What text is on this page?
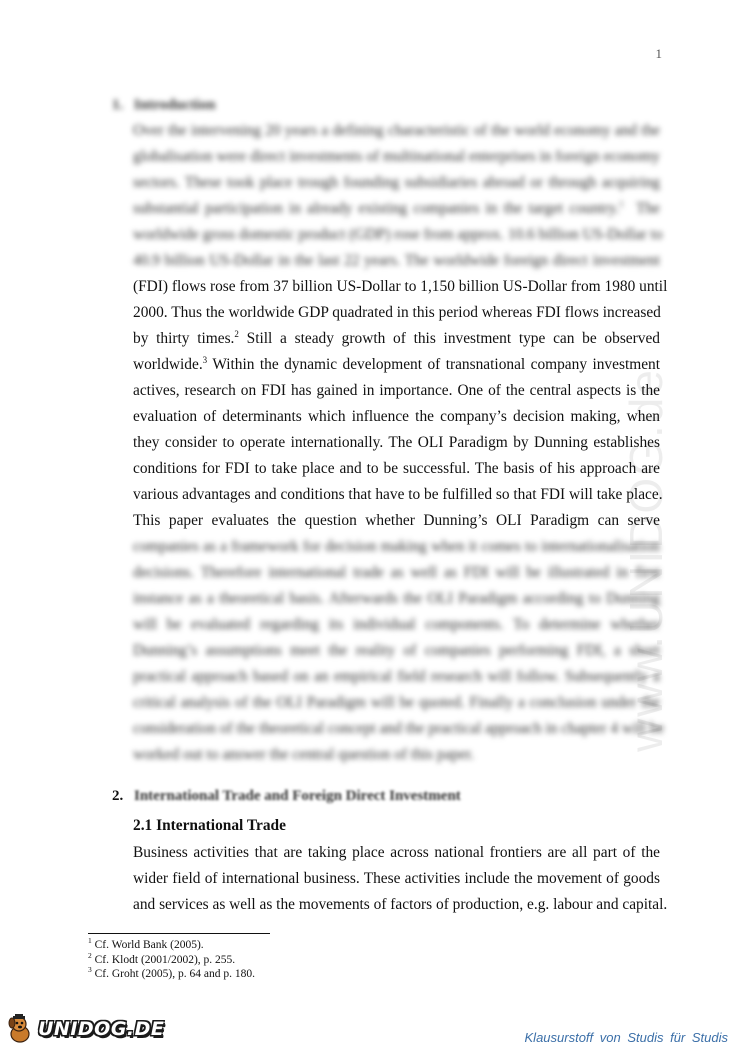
1
www.UNIDOG.de
1. Introduction
Over the intervening 20 years a defining characteristic of the world economy and the
globalisation were direct investments of multinational enterprises in foreign economy
sectors. These took place trough founding subsidiaries abroad or through acquiring
substantial participation in already existing companies in the target country.$^1$ The
worldwide gross domestic product (GDP) rose from approx. 10.6 billion US-Dollar to
40.9 billion US-Dollar in the last 22 years. The worldwide foreign direct investment
(FDI) flows rose from 37 billion US-Dollar to 1,150 billion US-Dollar from 1980 until
2000. Thus the worldwide GDP quadrated in this period whereas FDI flows increased
by thirty times.$^2$ Still a steady growth of this investment type can be observed
worldwide.$^3$ Within the dynamic development of transnational company investment
actives, research on FDI has gained in importance. One of the central aspects is the
evaluation of determinants which influence the company’s decision making, when
they consider to operate internationally. The OLI Paradigm by Dunning establishes
conditions for FDI to take place and to be successful. The basis of his approach are
various advantages and conditions that have to be fulfilled so that FDI will take place.
This paper evaluates the question whether Dunning’s OLI Paradigm can serve
companies as a framework for decision making when it comes to internationalisation
decisions. Therefore international trade as well as FDI will be illustrated in first
instance as a theoretical basis. Afterwards the OLI Paradigm according to Dunning
will be evaluated regarding its individual components. To determine whether
Dunning’s assumptions meet the reality of companies performing FDI, a short
practical approach based on an empirical field research will follow. Subsequently a
critical analysis of the OLI Paradigm will be quoted. Finally a conclusion under the
consideration of the theoretical concept and the practical approach in chapter 4 will be
worked out to answer the central question of this paper.
2. International Trade and Foreign Direct Investment
2.1 International Trade
Business activities that are taking place across national frontiers are all part of the
wider field of international business. These activities include the movement of goods
and services as well as the movements of factors of production, e.g. labour and capital.
$^1$ Cf. World Bank (2005).
$^2$ Cf. Klodt (2001/2002), p. 255.
$^3$ Cf. Groht (2005), p. 64 and p. 180.
UNIDOG.DE	Klausurstoff von Studis für Studis
